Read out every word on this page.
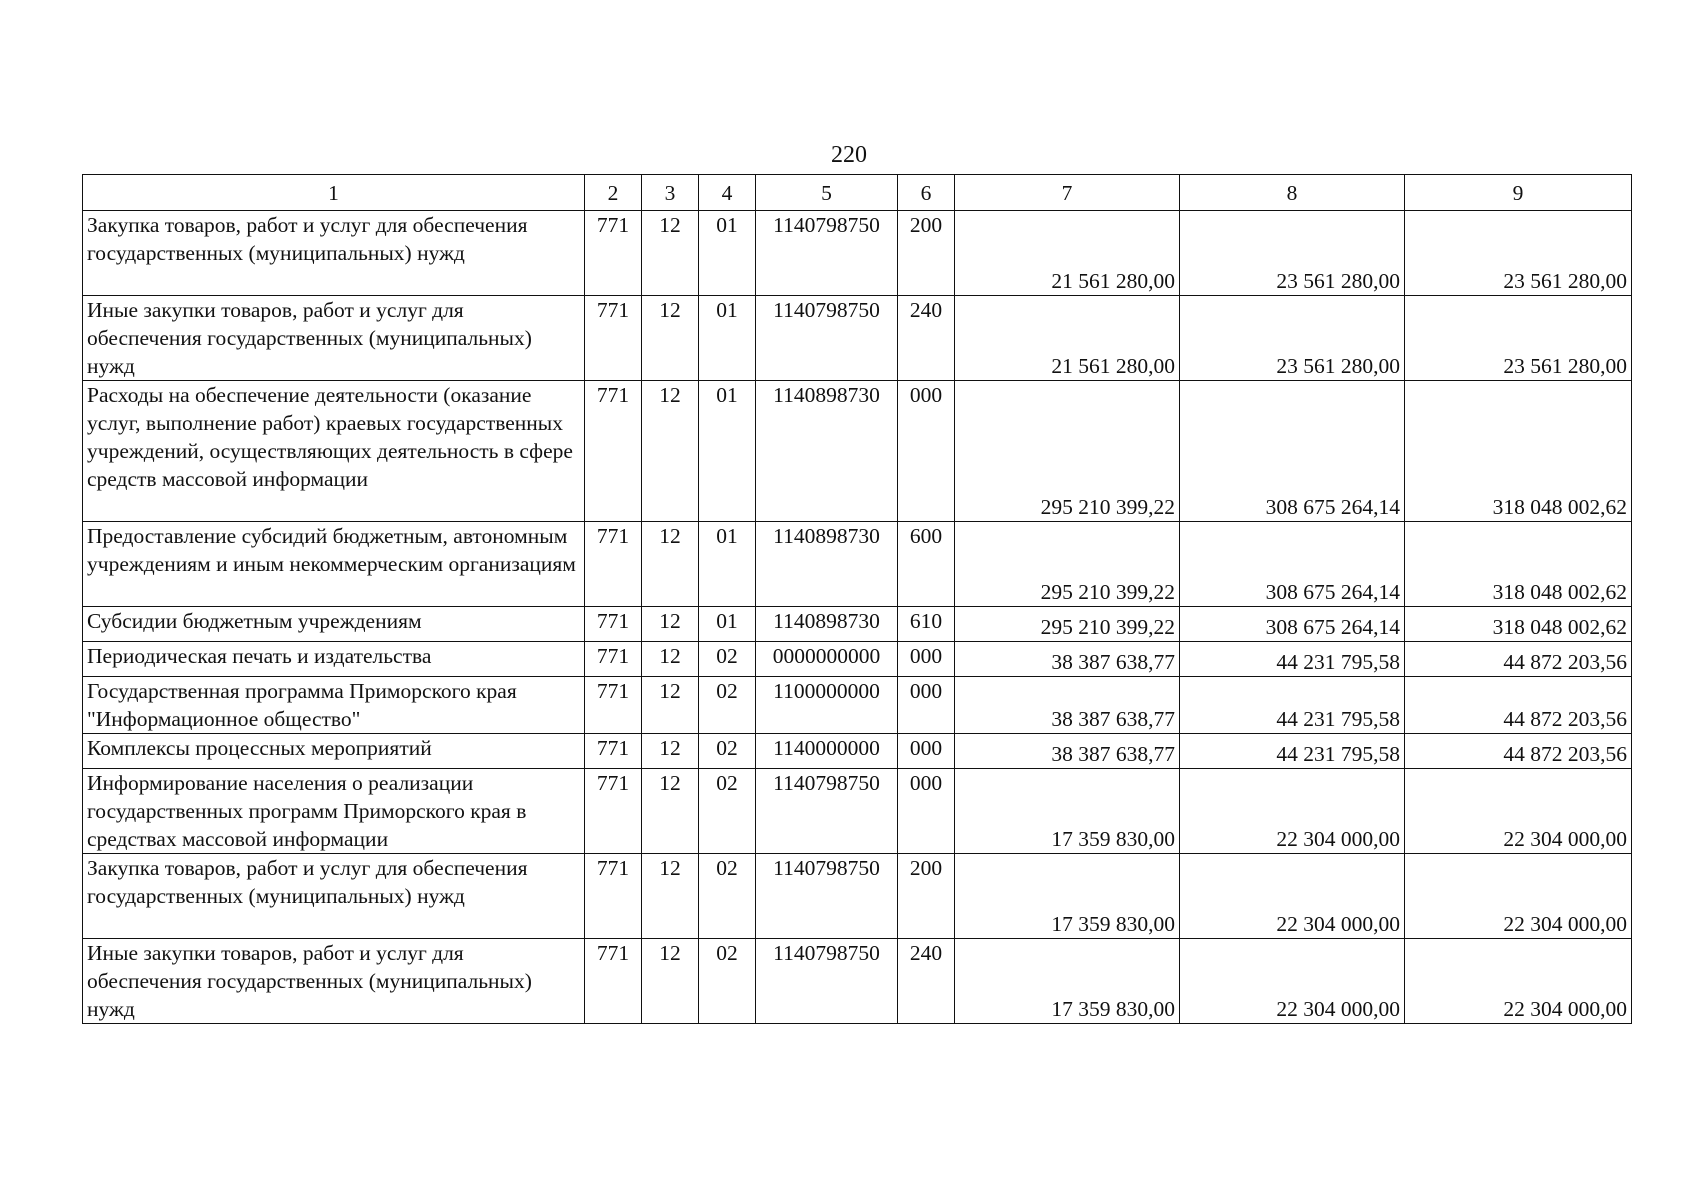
220
1	2	3	4	5	6	7	8	9
Закупка товаров, работ и услуг для обеспечения государственных (муниципальных) нужд	771	12	01	1140798750	200	21 561 280,00	23 561 280,00	23 561 280,00
Иные закупки товаров, работ и услуг для обеспечения государственных (муниципальных) нужд	771	12	01	1140798750	240	21 561 280,00	23 561 280,00	23 561 280,00
Расходы на обеспечение деятельности (оказание услуг, выполнение работ) краевых государственных учреждений, осуществляющих деятельность в сфере средств массовой информации	771	12	01	1140898730	000	295 210 399,22	308 675 264,14	318 048 002,62
Предоставление субсидий бюджетным, автономным учреждениям и иным некоммерческим организациям	771	12	01	1140898730	600	295 210 399,22	308 675 264,14	318 048 002,62
Субсидии бюджетным учреждениям	771	12	01	1140898730	610	295 210 399,22	308 675 264,14	318 048 002,62
Периодическая печать и издательства	771	12	02	0000000000	000	38 387 638,77	44 231 795,58	44 872 203,56
Государственная программа Приморского края "Информационное общество"	771	12	02	1100000000	000	38 387 638,77	44 231 795,58	44 872 203,56
Комплексы процессных мероприятий	771	12	02	1140000000	000	38 387 638,77	44 231 795,58	44 872 203,56
Информирование населения о реализации государственных программ Приморского края в средствах массовой информации	771	12	02	1140798750	000	17 359 830,00	22 304 000,00	22 304 000,00
Закупка товаров, работ и услуг для обеспечения государственных (муниципальных) нужд	771	12	02	1140798750	200	17 359 830,00	22 304 000,00	22 304 000,00
Иные закупки товаров, работ и услуг для обеспечения государственных (муниципальных) нужд	771	12	02	1140798750	240	17 359 830,00	22 304 000,00	22 304 000,00
